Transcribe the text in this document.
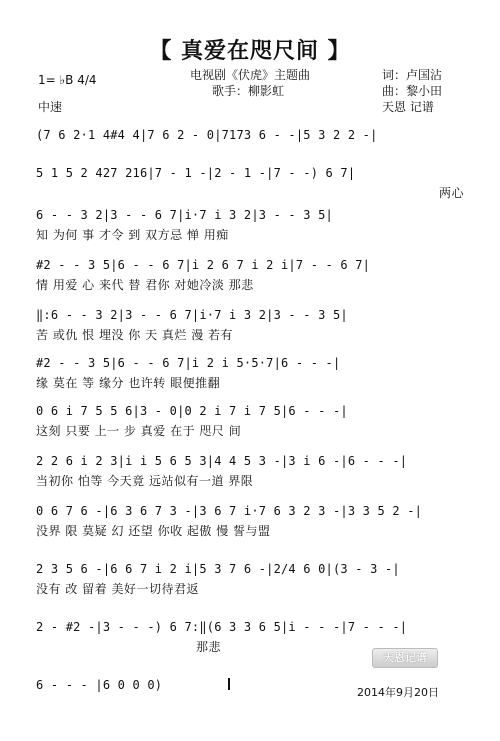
【 真爱在咫尺间 】
电视剧《伏虎》主题曲
歌手：柳影虹
词：卢国沾
曲：黎小田
1= ♭B 4/4
中速	天恩 记谱
(7 6 2·1 4#4 4|7 6 2 - 0|7173 6 - -|5 3 2 2 -|
5 1 5 2 427 216|7 - 1 -|2 - 1 -|7 - -) 6 7|
两心
6 - - 3 2|3 - - 6 7|i·7 i 3 2|3 - - 3 5|
知 为何 事 才令 到 双方忌 惮 用痴
#2 - - 3 5|6 - - 6 7|i 2 6 7 i 2 i|7 - - 6 7|
情 用爱 心 来代 替 君你 对她冷淡 那悲
‖:6 - - 3 2|3 - - 6 7|i·7 i 3 2|3 - - 3 5|
苦 或仇 恨 埋没 你 天 真烂 漫 若有
#2 - - 3 5|6 - - 6 7|i 2 i 5·5·7|6 - - -|
缘 莫在 等 缘分 也许转 眼便推翻
0 6 i 7 5 5 6|3 - 0|0 2 i 7 i 7 5|6 - - -|
这刻 只要 上一 步 真爱 在于 咫尺 间
2 2 6 i 2 3|i i 5 6 5 3|4 4 5 3 -|3 i 6 -|6 - - -|
当初你 怕等 今天竟 远站似有一道 界限
0 6 7 6 -|6 3 6 7 3 -|3 6 7 i·7 6 3 2 3 -|3 3 5 2 -|
没界 限 莫疑 幻 还望 你收 起傲 慢 誓与盟
2 3 5 6 -|6 6 7 i 2 i|5 3 7 6 -|2/4 6 0|(3 - 3 -|
没有 改 留着 美好一切待君返
2 - #2 -|3 - - -) 6 7:‖(6 3 3 6 5|i - - -|7 - - -|
那悲
6 - - - |6 0 0 0)
天恩记谱
2014年9月20日
